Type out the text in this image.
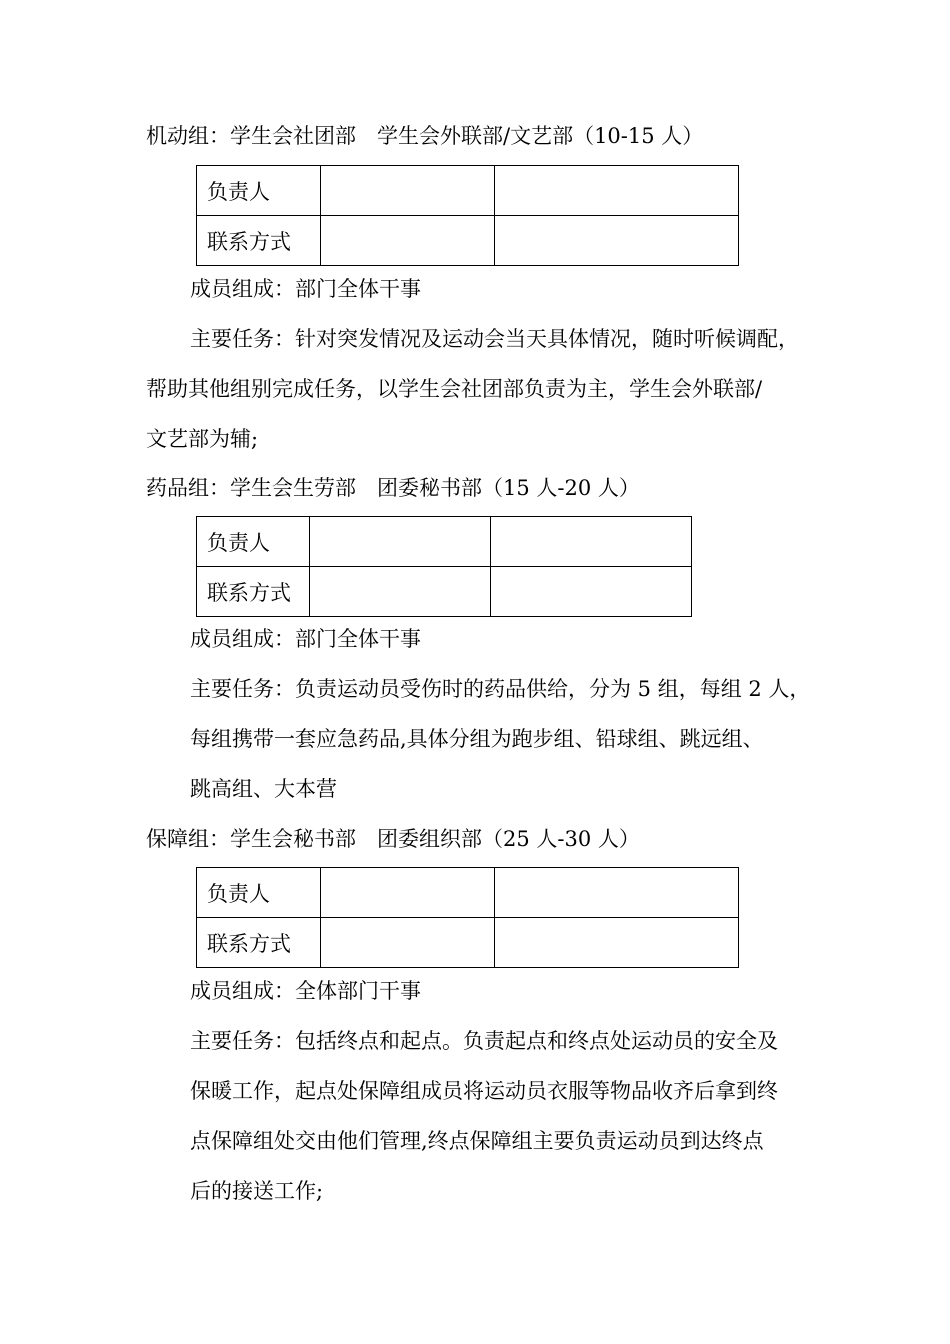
机动组：学生会社团部　学生会外联部/文艺部（10-15 人）
负责人		
联系方式		
成员组成：部门全体干事
主要任务：针对突发情况及运动会当天具体情况，随时听候调配，
帮助其他组别完成任务，以学生会社团部负责为主，学生会外联部/
文艺部为辅;
药品组：学生会生劳部　团委秘书部（15 人-20 人）
负责人		
联系方式		
成员组成：部门全体干事
主要任务：负责运动员受伤时的药品供给，分为 5 组，每组 2 人，
每组携带一套应急药品,具体分组为跑步组、铅球组、跳远组、
跳高组、大本营
保障组：学生会秘书部　团委组织部（25 人-30 人）
负责人		
联系方式		
成员组成：全体部门干事
主要任务：包括终点和起点。负责起点和终点处运动员的安全及
保暖工作，起点处保障组成员将运动员衣服等物品收齐后拿到终
点保障组处交由他们管理,终点保障组主要负责运动员到达终点
后的接送工作;
